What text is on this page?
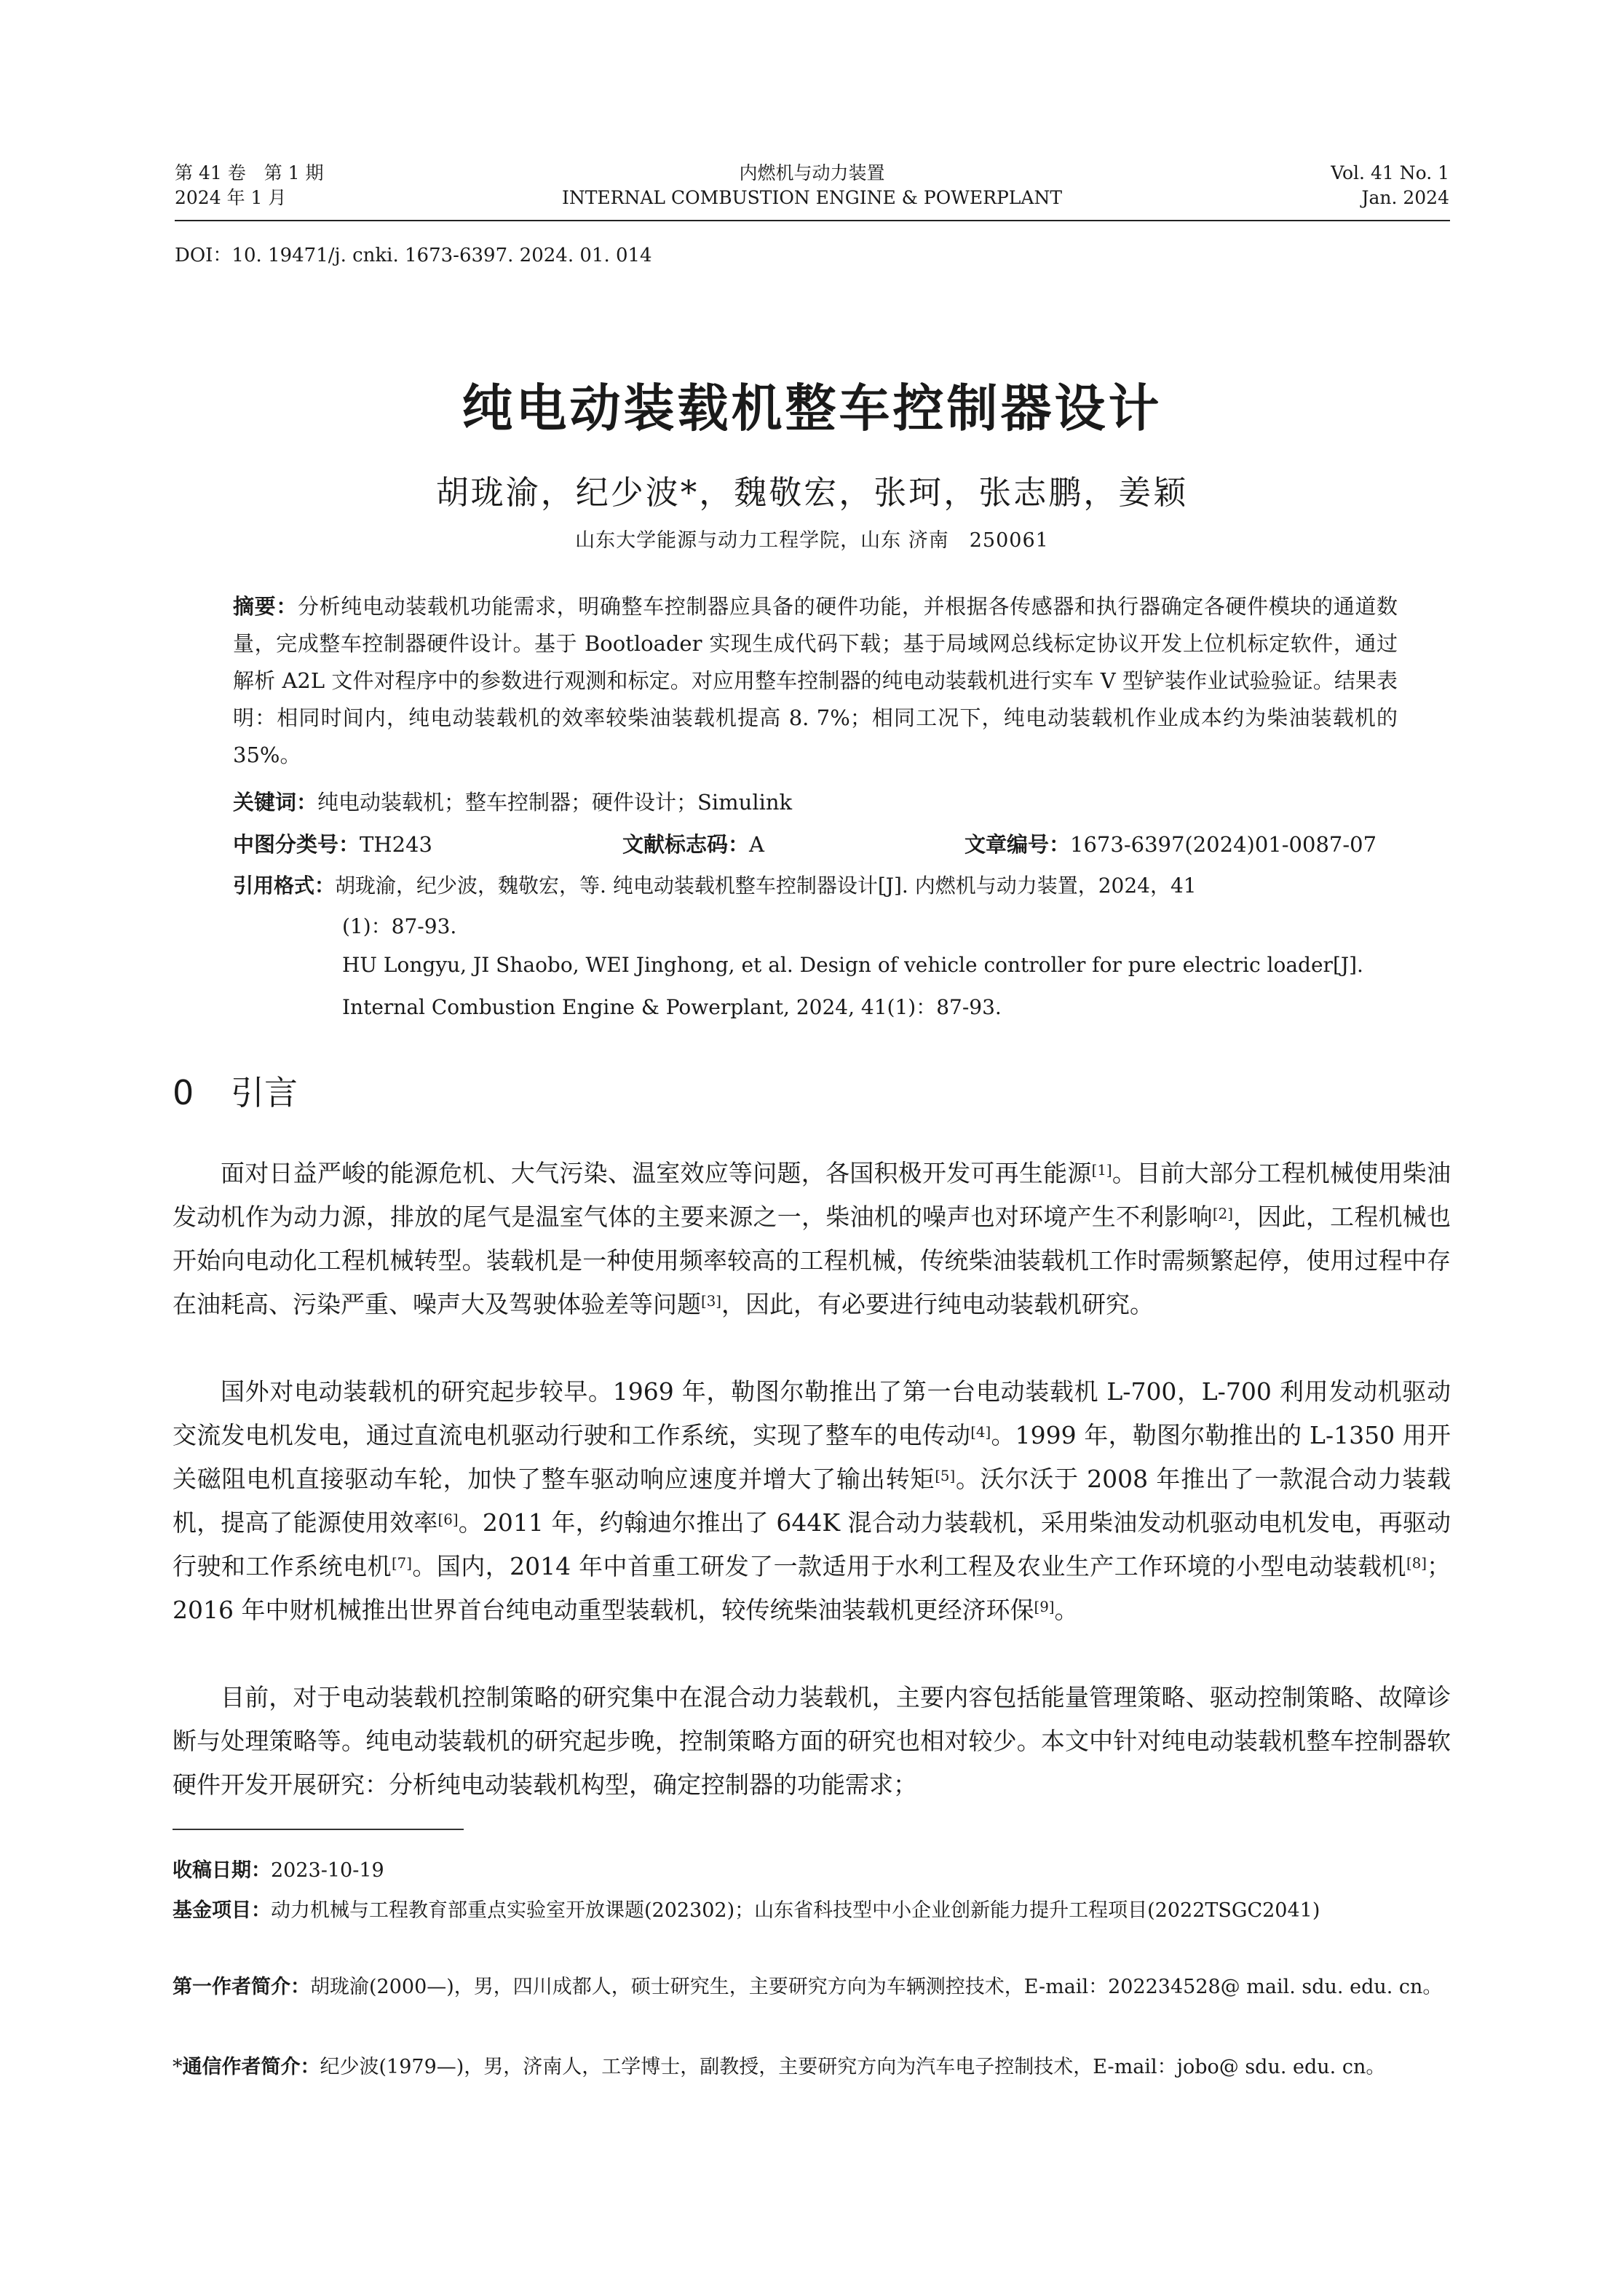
第 41 卷　第 1 期
2024 年 1 月
内燃机与动力装置
INTERNAL COMBUSTION ENGINE & POWERPLANT
Vol. 41 No. 1
Jan. 2024
DOI：10. 19471/j. cnki. 1673-6397. 2024. 01. 014
纯电动装载机整车控制器设计
胡珑渝，纪少波*，魏敬宏，张珂，张志鹏，姜颖
山东大学能源与动力工程学院，山东 济南　250061
摘要：分析纯电动装载机功能需求，明确整车控制器应具备的硬件功能，并根据各传感器和执行器确定各硬件模块的通道数量，完成整车控制器硬件设计。基于 Bootloader 实现生成代码下载；基于局域网总线标定协议开发上位机标定软件，通过解析 A2L 文件对程序中的参数进行观测和标定。对应用整车控制器的纯电动装载机进行实车 V 型铲装作业试验验证。结果表明：相同时间内，纯电动装载机的效率较柴油装载机提高 8. 7%；相同工况下，纯电动装载机作业成本约为柴油装载机的 35%。
关键词：纯电动装载机；整车控制器；硬件设计；Simulink
中图分类号：TH243	文献标志码：A	文章编号：1673-6397(2024)01-0087-07
引用格式：胡珑渝，纪少波，魏敬宏，等. 纯电动装载机整车控制器设计[J]. 内燃机与动力装置，2024，41
(1)：87-93.
HU Longyu, JI Shaobo, WEI Jinghong, et al. Design of vehicle controller for pure electric loader[J].
Internal Combustion Engine & Powerplant, 2024, 41(1)：87-93.
0 引言
面对日益严峻的能源危机、大气污染、温室效应等问题，各国积极开发可再生能源[1]。目前大部分工程机械使用柴油发动机作为动力源，排放的尾气是温室气体的主要来源之一，柴油机的噪声也对环境产生不利影响[2]，因此，工程机械也开始向电动化工程机械转型。装载机是一种使用频率较高的工程机械，传统柴油装载机工作时需频繁起停，使用过程中存在油耗高、污染严重、噪声大及驾驶体验差等问题[3]，因此，有必要进行纯电动装载机研究。
国外对电动装载机的研究起步较早。1969 年，勒图尔勒推出了第一台电动装载机 L-700，L-700 利用发动机驱动交流发电机发电，通过直流电机驱动行驶和工作系统，实现了整车的电传动[4]。1999 年，勒图尔勒推出的 L-1350 用开关磁阻电机直接驱动车轮，加快了整车驱动响应速度并增大了输出转矩[5]。沃尔沃于 2008 年推出了一款混合动力装载机，提高了能源使用效率[6]。2011 年，约翰迪尔推出了 644K 混合动力装载机，采用柴油发动机驱动电机发电，再驱动行驶和工作系统电机[7]。国内，2014 年中首重工研发了一款适用于水利工程及农业生产工作环境的小型电动装载机[8]；2016 年中财机械推出世界首台纯电动重型装载机，较传统柴油装载机更经济环保[9]。
目前，对于电动装载机控制策略的研究集中在混合动力装载机，主要内容包括能量管理策略、驱动控制策略、故障诊断与处理策略等。纯电动装载机的研究起步晚，控制策略方面的研究也相对较少。本文中针对纯电动装载机整车控制器软硬件开发开展研究：分析纯电动装载机构型，确定控制器的功能需求；
收稿日期：2023-10-19
基金项目：动力机械与工程教育部重点实验室开放课题(202302)；山东省科技型中小企业创新能力提升工程项目(2022TSGC2041)
第一作者简介：胡珑渝(2000—)，男，四川成都人，硕士研究生，主要研究方向为车辆测控技术，E-mail：202234528@ mail. sdu. edu. cn。
*通信作者简介：纪少波(1979—)，男，济南人，工学博士，副教授，主要研究方向为汽车电子控制技术，E-mail：jobo@ sdu. edu. cn。
